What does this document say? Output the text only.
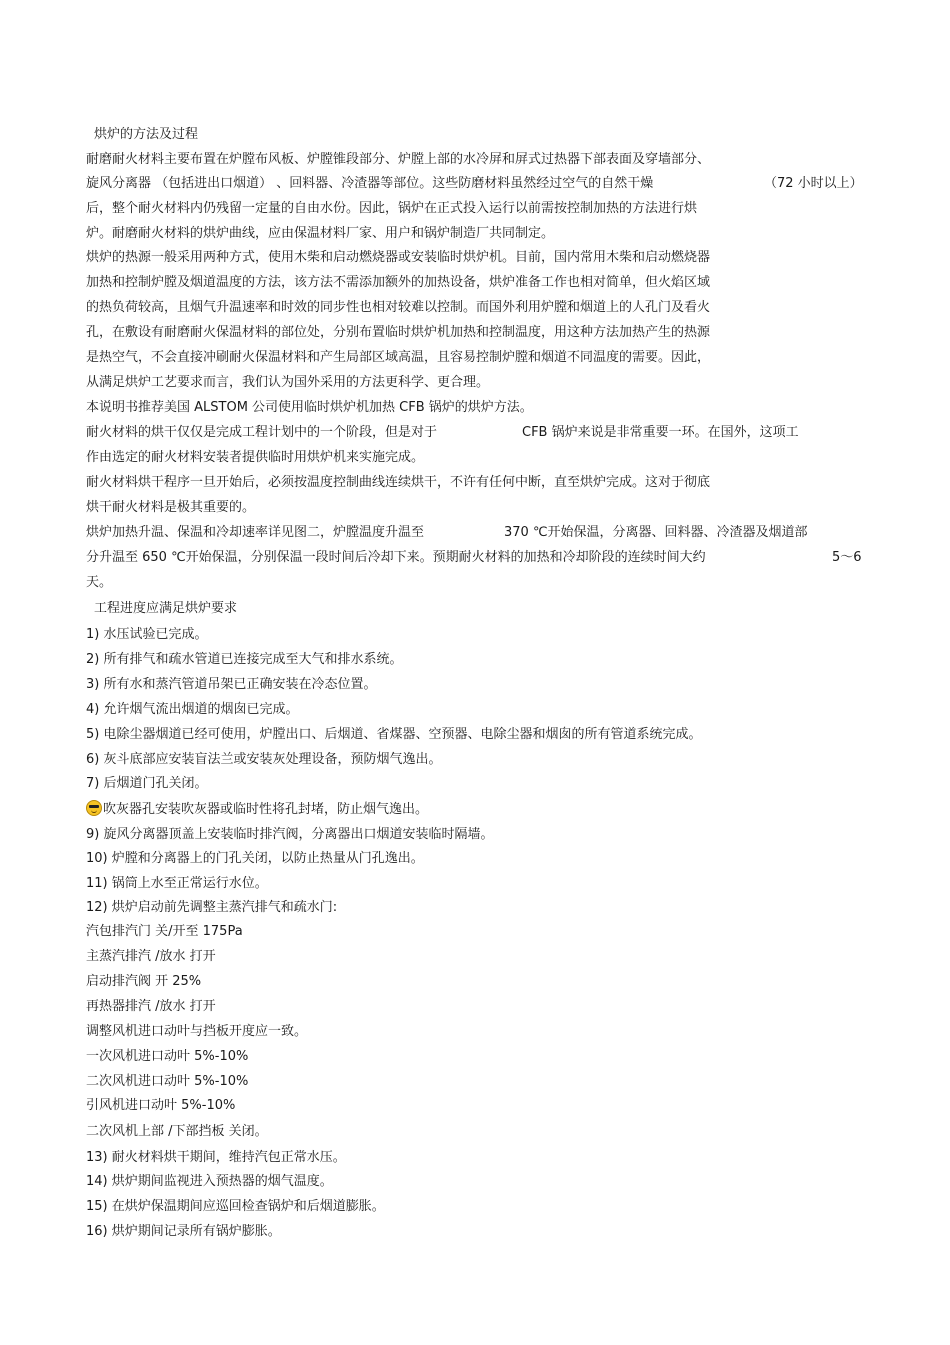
烘炉的方法及过程
耐磨耐火材料主要布置在炉膛布风板、炉膛锥段部分、炉膛上部的水冷屏和屏式过热器下部表面及穿墙部分、
旋风分离器 （包括进出口烟道） 、回料器、冷渣器等部位。这些防磨材料虽然经过空气的自然干燥	（72 小时以上）
后，整个耐火材料内仍残留一定量的自由水份。因此，锅炉在正式投入运行以前需按控制加热的方法进行烘
炉。耐磨耐火材料的烘炉曲线，应由保温材料厂家、用户和锅炉制造厂共同制定。
烘炉的热源一般采用两种方式，使用木柴和启动燃烧器或安装临时烘炉机。目前，国内常用木柴和启动燃烧器
加热和控制炉膛及烟道温度的方法，该方法不需添加额外的加热设备，烘炉准备工作也相对简单，但火焰区域
的热负荷较高，且烟气升温速率和时效的同步性也相对较难以控制。而国外利用炉膛和烟道上的人孔门及看火
孔，在敷设有耐磨耐火保温材料的部位处，分别布置临时烘炉机加热和控制温度，用这种方法加热产生的热源
是热空气，不会直接冲刷耐火保温材料和产生局部区域高温，且容易控制炉膛和烟道不同温度的需要。因此，
从满足烘炉工艺要求而言，我们认为国外采用的方法更科学、更合理。
本说明书推荐美国 ALSTOM 公司使用临时烘炉机加热 CFB 锅炉的烘炉方法。
耐火材料的烘干仅仅是完成工程计划中的一个阶段，但是对于	CFB 锅炉来说是非常重要一环。在国外，这项工
作由选定的耐火材料安装者提供临时用烘炉机来实施完成。
耐火材料烘干程序一旦开始后，必须按温度控制曲线连续烘干，不许有任何中断，直至烘炉完成。这对于彻底
烘干耐火材料是极其重要的。
烘炉加热升温、保温和冷却速率详见图二，炉膛温度升温至	370 ℃开始保温，分离器、回料器、冷渣器及烟道部
分升温至 650 ℃开始保温，分别保温一段时间后冷却下来。预期耐火材料的加热和冷却阶段的连续时间大约	5～6
天。
工程进度应满足烘炉要求
1) 水压试验已完成。
2) 所有排气和疏水管道已连接完成至大气和排水系统。
3) 所有水和蒸汽管道吊架已正确安装在冷态位置。
4) 允许烟气流出烟道的烟囱已完成。
5) 电除尘器烟道已经可使用，炉膛出口、后烟道、省煤器、空预器、电除尘器和烟囱的所有管道系统完成。
6) 灰斗底部应安装盲法兰或安装灰处理设备，预防烟气逸出。
7) 后烟道门孔关闭。
吹灰器孔安装吹灰器或临时性将孔封堵，防止烟气逸出。
9) 旋风分离器顶盖上安装临时排汽阀，分离器出口烟道安装临时隔墙。
10) 炉膛和分离器上的门孔关闭，以防止热量从门孔逸出。
11) 锅筒上水至正常运行水位。
12) 烘炉启动前先调整主蒸汽排气和疏水门:
汽包排汽门 关/开至 175Pa
主蒸汽排汽 /放水 打开
启动排汽阀 开 25%
再热器排汽 /放水 打开
调整风机进口动叶与挡板开度应一致。
一次风机进口动叶 5%-10%
二次风机进口动叶 5%-10%
引风机进口动叶 5%-10%
二次风机上部 /下部挡板 关闭。
13) 耐火材料烘干期间，维持汽包正常水压。
14) 烘炉期间监视进入预热器的烟气温度。
15) 在烘炉保温期间应巡回检查锅炉和后烟道膨胀。
16) 烘炉期间记录所有锅炉膨胀。
